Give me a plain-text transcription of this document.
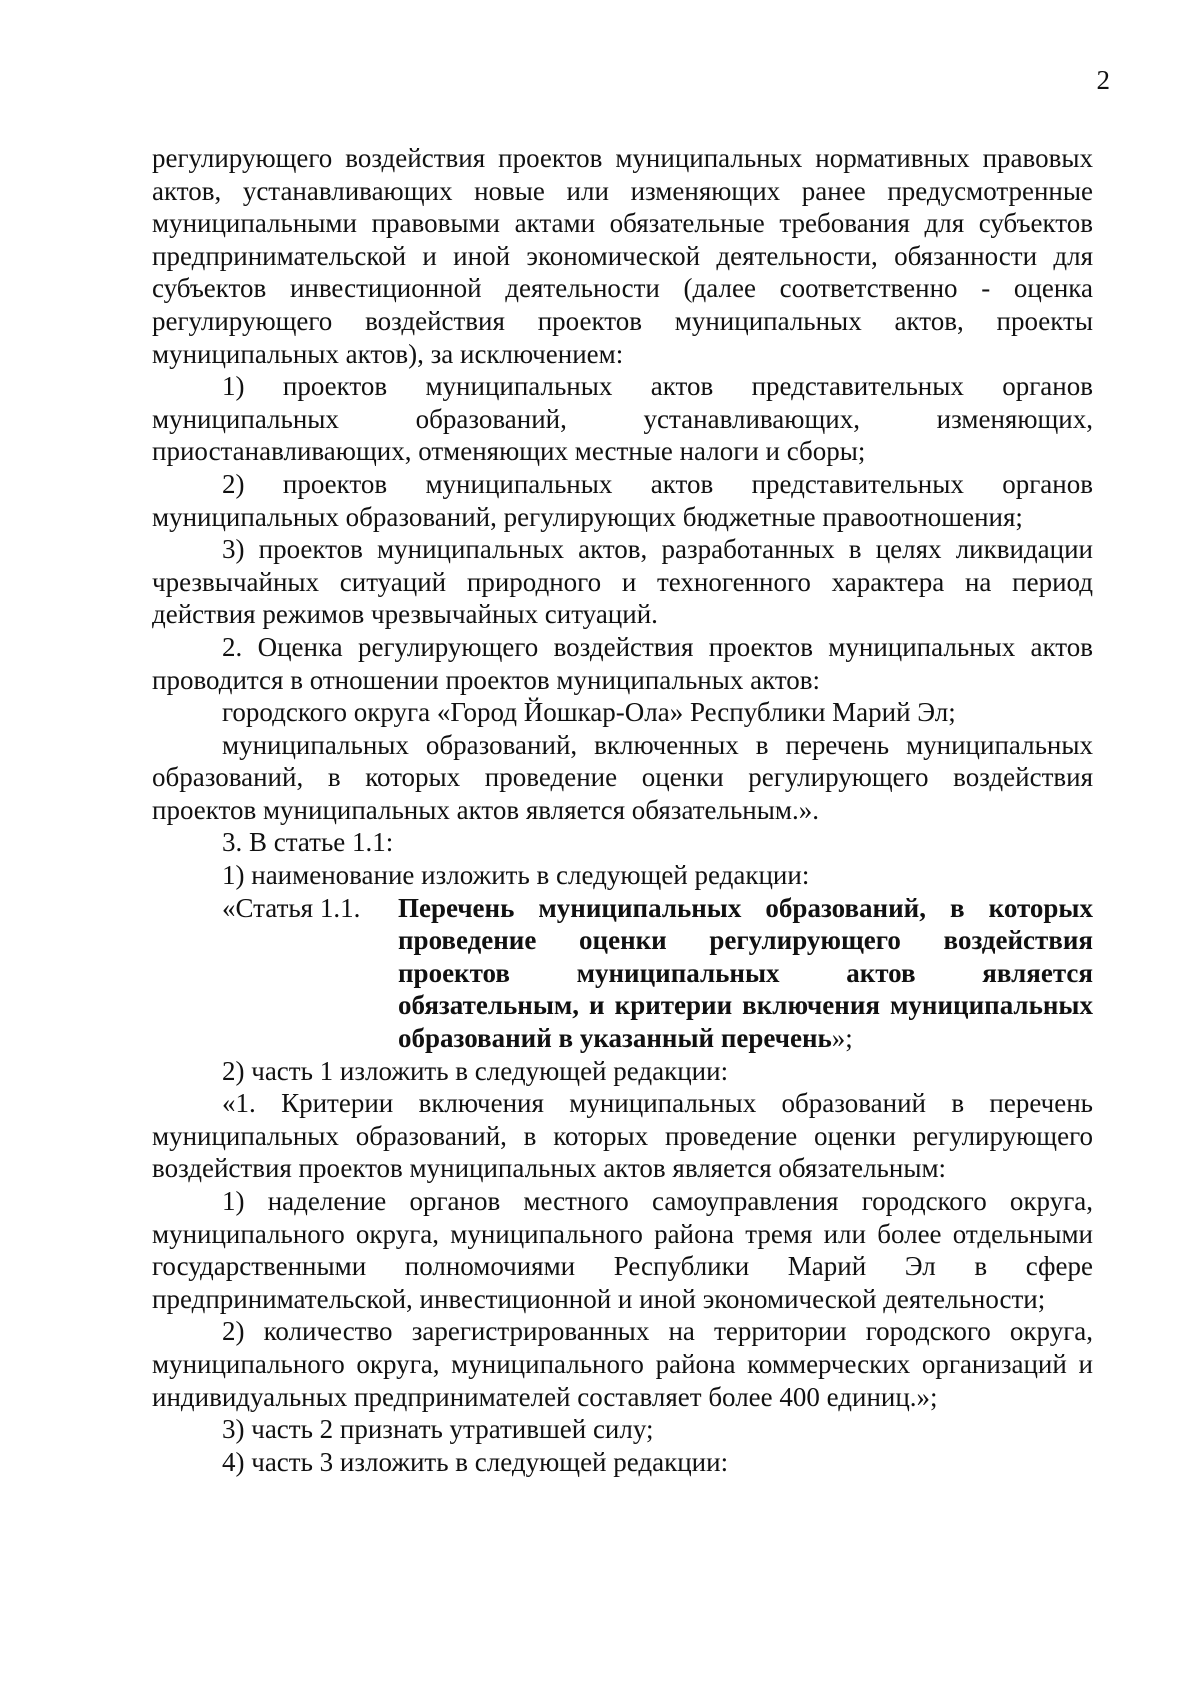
2

регулирующего воздействия проектов муниципальных нормативных правовых актов, устанавливающих новые или изменяющих ранее предусмотренные муниципальными правовыми актами обязательные требования для субъектов предпринимательской и иной экономической деятельности, обязанности для субъектов инвестиционной деятельности (далее соответственно - оценка регулирующего воздействия проектов муниципальных актов, проекты муниципальных актов), за исключением:

1) проектов муниципальных актов представительных органов муниципальных образований, устанавливающих, изменяющих, приостанавливающих, отменяющих местные налоги и сборы;

2) проектов муниципальных актов представительных органов муниципальных образований, регулирующих бюджетные правоотношения;

3) проектов муниципальных актов, разработанных в целях ликвидации чрезвычайных ситуаций природного и техногенного характера на период действия режимов чрезвычайных ситуаций.

2. Оценка регулирующего воздействия проектов муниципальных актов проводится в отношении проектов муниципальных актов:

городского округа «Город Йошкар-Ола» Республики Марий Эл;

муниципальных образований, включенных в перечень муниципальных образований, в которых проведение оценки регулирующего воздействия проектов муниципальных актов является обязательным.».

3. В статье 1.1:

1) наименование изложить в следующей редакции:

«Статья 1.1.	Перечень муниципальных образований, в которых проведение оценки регулирующего воздействия проектов муниципальных актов является обязательным, и критерии включения муниципальных образований в указанный перечень»;

2) часть 1 изложить в следующей редакции:

«1. Критерии включения муниципальных образований в перечень муниципальных образований, в которых проведение оценки регулирующего воздействия проектов муниципальных актов является обязательным:

1) наделение органов местного самоуправления городского округа, муниципального округа, муниципального района тремя или более отдельными государственными полномочиями Республики Марий Эл в сфере предпринимательской, инвестиционной и иной экономической деятельности;

2) количество зарегистрированных на территории городского округа, муниципального округа, муниципального района коммерческих организаций и индивидуальных предпринимателей составляет более 400 единиц.»;

3) часть 2 признать утратившей силу;

4) часть 3 изложить в следующей редакции:
